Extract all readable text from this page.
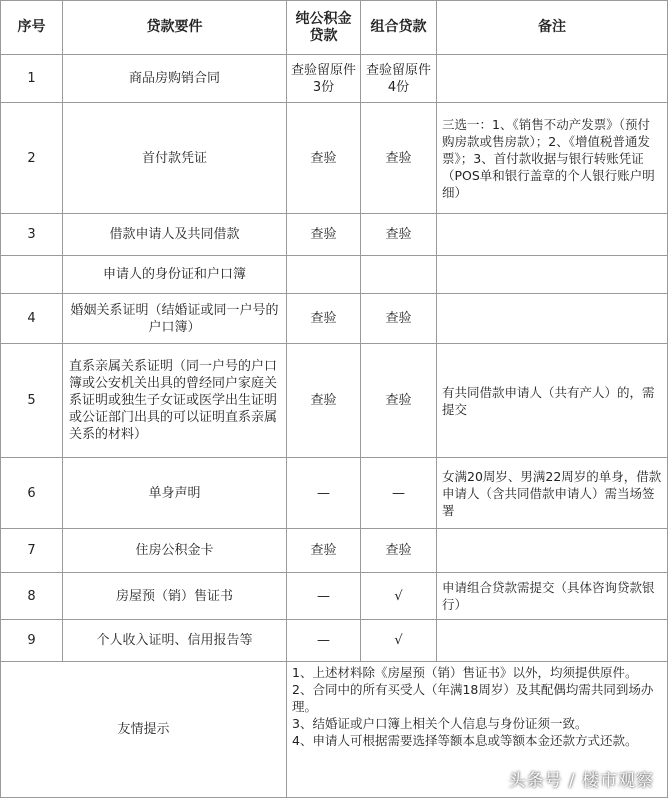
序号	贷款要件	纯公积金贷款	组合贷款	备注
1	商品房购销合同	查验留原件3份	查验留原件4份	
2	首付款凭证	查验	查验	三选一：1、《销售不动产发票》（预付购房款或售房款）；2、《增值税普通发票》；3、首付款收据与银行转账凭证（POS单和银行盖章的个人银行账户明细）
3	借款申请人及共同借款	查验	查验	
	申请人的身份证和户口簿			
4	婚姻关系证明（结婚证或同一户号的户口簿）	查验	查验	
5	直系亲属关系证明（同一户号的户口簿或公安机关出具的曾经同户家庭关系证明或独生子女证或医学出生证明或公证部门出具的可以证明直系亲属关系的材料）	查验	查验	有共同借款申请人（共有产人）的，需提交
6	单身声明	—	—	女满20周岁、男满22周岁的单身，借款申请人（含共同借款申请人）需当场签署
7	住房公积金卡	查验	查验	
8	房屋预（销）售证书	—	√	申请组合贷款需提交（具体咨询贷款银行）
9	个人收入证明、信用报告等	—	√	
友情提示		1、上述材料除《房屋预（销）售证书》以外，均须提供原件。
2、合同中的所有买受人（年满18周岁）及其配偶均需共同到场办理。
3、结婚证或户口簿上相关个人信息与身份证须一致。
4、申请人可根据需要选择等额本息或等额本金还款方式还款。		
头条号 / 楼市观察
